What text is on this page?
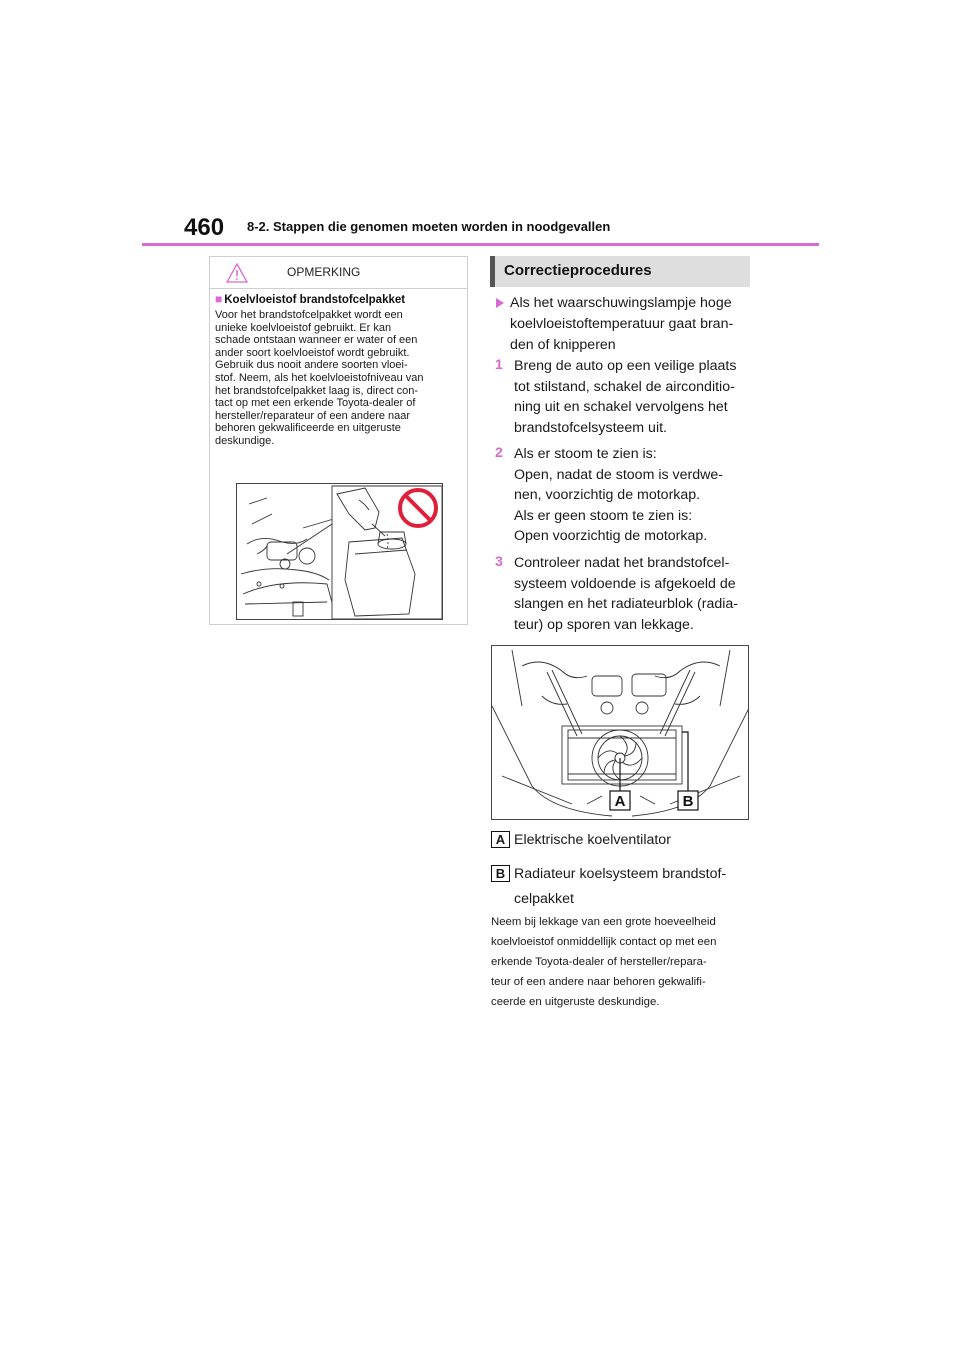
460 8-2. Stappen die genomen moeten worden in noodgevallen
OPMERKING
■ Koelvloeistof brandstofcelpakket
Voor het brandstofcelpakket wordt een
unieke koelvloeistof gebruikt. Er kan
schade ontstaan wanneer er water of een
ander soort koelvloeistof wordt gebruikt.
Gebruik dus nooit andere soorten vloei-
stof. Neem, als het koelvloeistofniveau van
het brandstofcelpakket laag is, direct con-
tact op met een erkende Toyota-dealer of
hersteller/reparateur of een andere naar
behoren gekwalificeerde en uitgeruste
deskundige.
Correctieprocedures
Als het waarschuwingslampje hoge
koelvloeistoftemperatuur gaat bran-
den of knipperen
1 Breng de auto op een veilige plaats
tot stilstand, schakel de airconditio-
ning uit en schakel vervolgens het
brandstofcelsysteem uit.
2 Als er stoom te zien is:
Open, nadat de stoom is verdwe-
nen, voorzichtig de motorkap.
Als er geen stoom te zien is:
Open voorzichtig de motorkap.
3 Controleer nadat het brandstofcel-
systeem voldoende is afgekoeld de
slangen en het radiateurblok (radia-
teur) op sporen van lekkage.
A	B
A Elektrische koelventilator
B Radiateur koelsysteem brandstof-
celpakket
Neem bij lekkage van een grote hoeveelheid
koelvloeistof onmiddellijk contact op met een
erkende Toyota-dealer of hersteller/repara-
teur of een andere naar behoren gekwalifi-
ceerde en uitgeruste deskundige.
